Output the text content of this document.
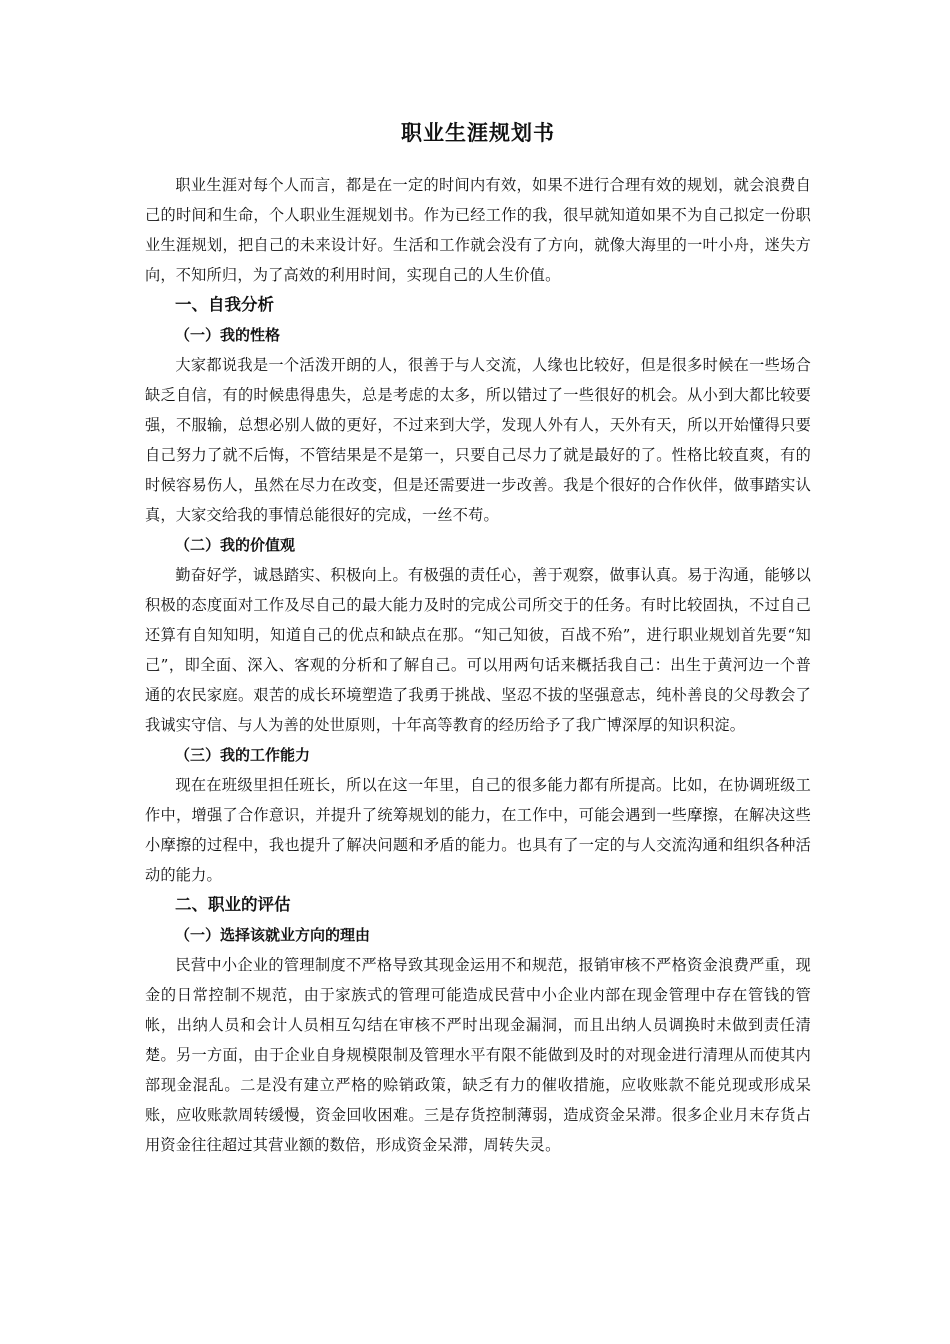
职业生涯规划书

职业生涯对每个人而言，都是在一定的时间内有效，如果不进行合理有效的规划，就会浪费自己的时间和生命，个人职业生涯规划书。作为已经工作的我，很早就知道如果不为自己拟定一份职业生涯规划，把自己的未来设计好。生活和工作就会没有了方向，就像大海里的一叶小舟，迷失方向，不知所归，为了高效的利用时间，实现自己的人生价值。

一、自我分析
（一）我的性格

大家都说我是一个活泼开朗的人，很善于与人交流，人缘也比较好，但是很多时候在一些场合缺乏自信，有的时候患得患失，总是考虑的太多，所以错过了一些很好的机会。从小到大都比较要强，不服输，总想必别人做的更好，不过来到大学，发现人外有人，天外有天，所以开始懂得只要自己努力了就不后悔，不管结果是不是第一，只要自己尽力了就是最好的了。性格比较直爽，有的时候容易伤人，虽然在尽力在改变，但是还需要进一步改善。我是个很好的合作伙伴，做事踏实认真，大家交给我的事情总能很好的完成，一丝不苟。

（二）我的价值观

勤奋好学，诚恳踏实、积极向上。有极强的责任心，善于观察，做事认真。易于沟通，能够以积极的态度面对工作及尽自己的最大能力及时的完成公司所交于的任务。有时比较固执，不过自己还算有自知知明，知道自己的优点和缺点在那。“知己知彼，百战不殆”，进行职业规划首先要“知己”，即全面、深入、客观的分析和了解自己。可以用两句话来概括我自己：出生于黄河边一个普通的农民家庭。艰苦的成长环境塑造了我勇于挑战、坚忍不拔的坚强意志，纯朴善良的父母教会了我诚实守信、与人为善的处世原则，十年高等教育的经历给予了我广博深厚的知识积淀。

（三）我的工作能力

现在在班级里担任班长，所以在这一年里，自己的很多能力都有所提高。比如，在协调班级工作中，增强了合作意识，并提升了统筹规划的能力，在工作中，可能会遇到一些摩擦，在解决这些小摩擦的过程中，我也提升了解决问题和矛盾的能力。也具有了一定的与人交流沟通和组织各种活动的能力。

二、职业的评估
（一）选择该就业方向的理由

民营中小企业的管理制度不严格导致其现金运用不和规范，报销审核不严格资金浪费严重，现金的日常控制不规范，由于家族式的管理可能造成民营中小企业内部在现金管理中存在管钱的管帐，出纳人员和会计人员相互勾结在审核不严时出现金漏洞，而且出纳人员调换时未做到责任清楚。另一方面，由于企业自身规模限制及管理水平有限不能做到及时的对现金进行清理从而使其内部现金混乱。二是没有建立严格的赊销政策，缺乏有力的催收措施，应收账款不能兑现或形成呆账，应收账款周转缓慢，资金回收困难。三是存货控制薄弱，造成资金呆滞。很多企业月末存货占用资金往往超过其营业额的数倍，形成资金呆滞，周转失灵。
